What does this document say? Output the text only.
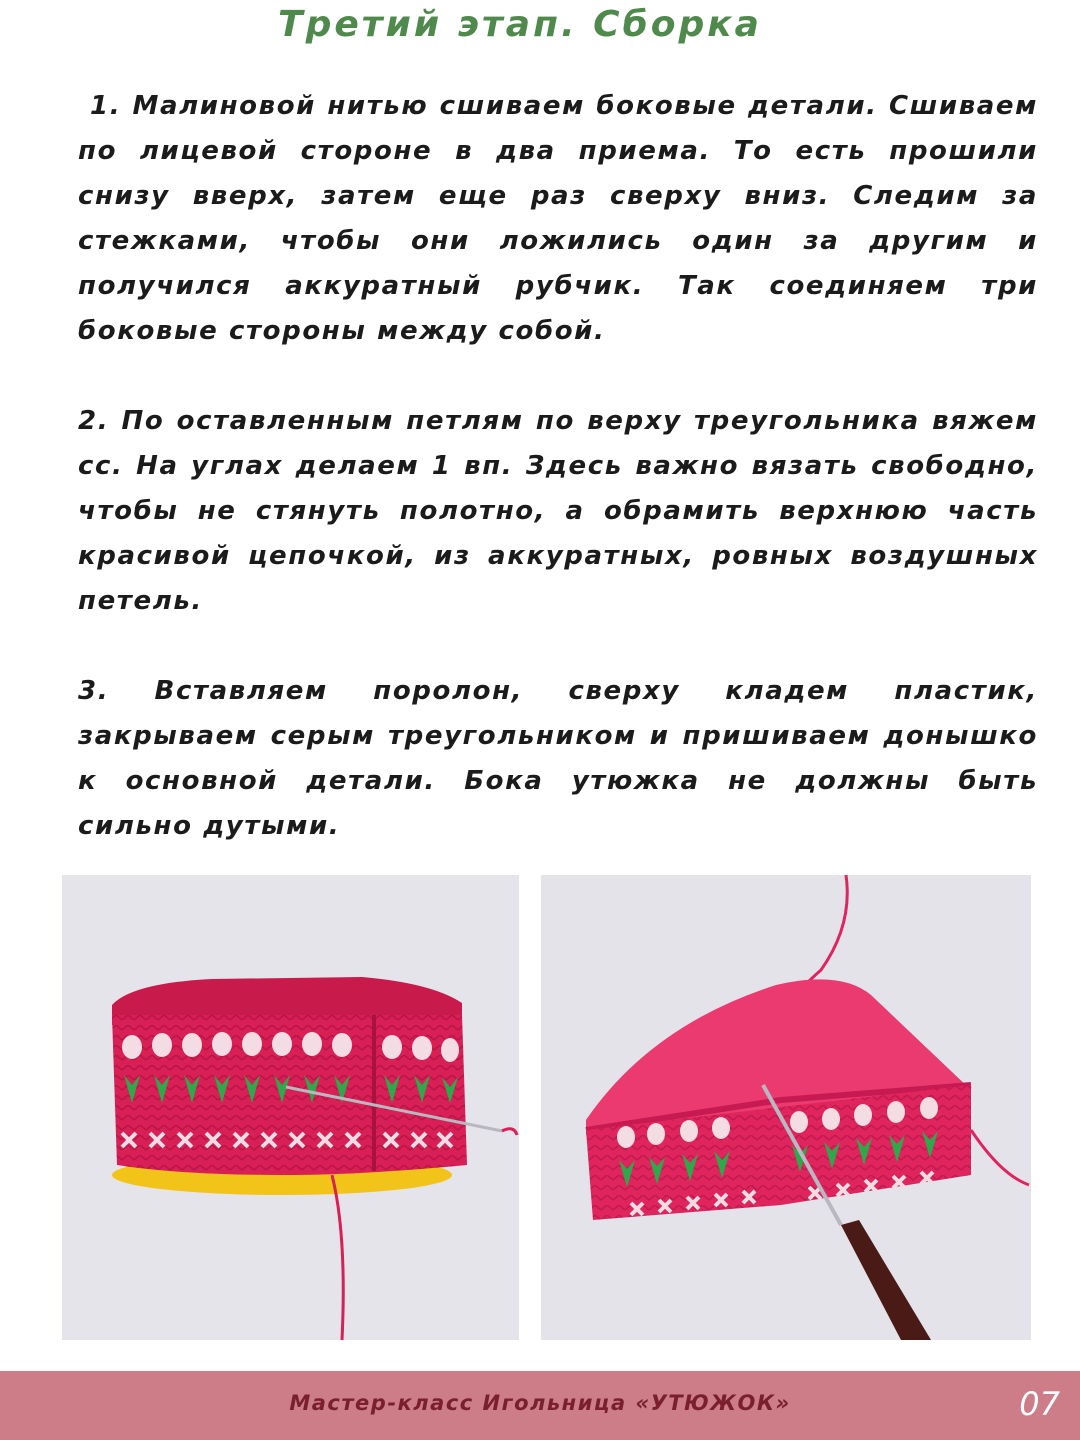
Третий этап. Сборка

1. Малиновой нитью сшиваем боковые детали. Сшиваем по лицевой стороне в два приема. То есть прошили снизу вверх, затем еще раз сверху вниз. Следим за стежками, чтобы они ложились один за другим и получился аккуратный рубчик. Так соединяем три боковые стороны между собой.

2. По оставленным петлям по верху треугольника вяжем сс. На углах делаем 1 вп. Здесь важно вязать свободно, чтобы не стянуть полотно, а обрамить верхнюю часть красивой цепочкой, из аккуратных, ровных воздушных петель.

3. Вставляем поролон, сверху кладем пластик, закрываем серым треугольником и пришиваем донышко к основной детали. Бока утюжка не должны быть сильно дутыми.

Мастер-класс Игольница «УТЮЖОК»	07
